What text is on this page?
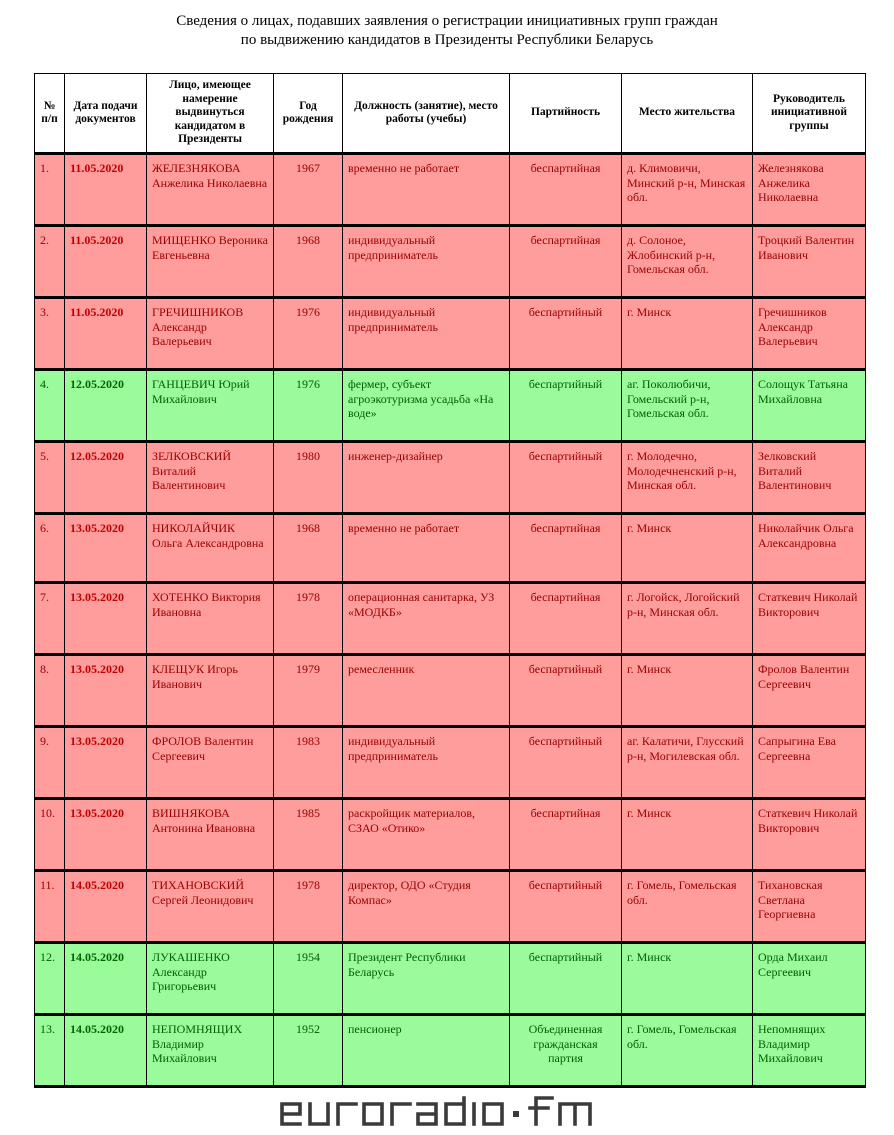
Сведения о лицах, подавших заявления о регистрации инициативных групп граждан
по выдвижению кандидатов в Президенты Республики Беларусь
№ п/п	Дата подачи документов	Лицо, имеющее намерение выдвинуться кандидатом в Президенты	Год рождения	Должность (занятие), место работы (учебы)	Партийность	Место жительства	Руководитель инициативной группы
1.	11.05.2020	ЖЕЛЕЗНЯКОВА Анжелика Николаевна	1967	временно не работает	беспартийная	д. Климовичи, Минский р-н, Минская обл.	Железнякова Анжелика Николаевна
2.	11.05.2020	МИЩЕНКО Вероника Евгеньевна	1968	индивидуальный предприниматель	беспартийная	д. Солоное, Жлобинский р-н, Гомельская обл.	Троцкий Валентин Иванович
3.	11.05.2020	ГРЕЧИШНИКОВ Александр Валерьевич	1976	индивидуальный предприниматель	беспартийный	г. Минск	Гречишников Александр Валерьевич
4.	12.05.2020	ГАНЦЕВИЧ Юрий Михайлович	1976	фермер, субъект агроэкотуризма усадьба «На воде»	беспартийный	аг. Поколюбичи, Гомельский р-н, Гомельская обл.	Солощук Татьяна Михайловна
5.	12.05.2020	ЗЕЛКОВСКИЙ Виталий Валентинович	1980	инженер-дизайнер	беспартийный	г. Молодечно, Молодечненский р-н, Минская обл.	Зелковский Виталий Валентинович
6.	13.05.2020	НИКОЛАЙЧИК Ольга Александровна	1968	временно не работает	беспартийная	г. Минск	Николайчик Ольга Александровна
7.	13.05.2020	ХОТЕНКО Виктория Ивановна	1978	операционная санитарка, УЗ «МОДКБ»	беспартийная	г. Логойск, Логойский р-н, Минская обл.	Статкевич Николай Викторович
8.	13.05.2020	КЛЕЩУК Игорь Иванович	1979	ремесленник	беспартийный	г. Минск	Фролов Валентин Сергеевич
9.	13.05.2020	ФРОЛОВ Валентин Сергеевич	1983	индивидуальный предприниматель	беспартийный	аг. Калатичи, Глусский р-н, Могилевская обл.	Сапрыгина Ева Сергеевна
10.	13.05.2020	ВИШНЯКОВА Антонина Ивановна	1985	раскройщик материалов, СЗАО «Отико»	беспартийная	г. Минск	Статкевич Николай Викторович
11.	14.05.2020	ТИХАНОВСКИЙ Сергей Леонидович	1978	директор, ОДО «Студия Компас»	беспартийный	г. Гомель, Гомельская обл.	Тихановская Светлана Георгиевна
12.	14.05.2020	ЛУКАШЕНКО Александр Григорьевич	1954	Президент Республики Беларусь	беспартийный	г. Минск	Орда Михаил Сергеевич
13.	14.05.2020	НЕПОМНЯЩИХ Владимир Михайлович	1952	пенсионер	Объединенная гражданская партия	г. Гомель, Гомельская обл.	Непомнящих Владимир Михайлович
